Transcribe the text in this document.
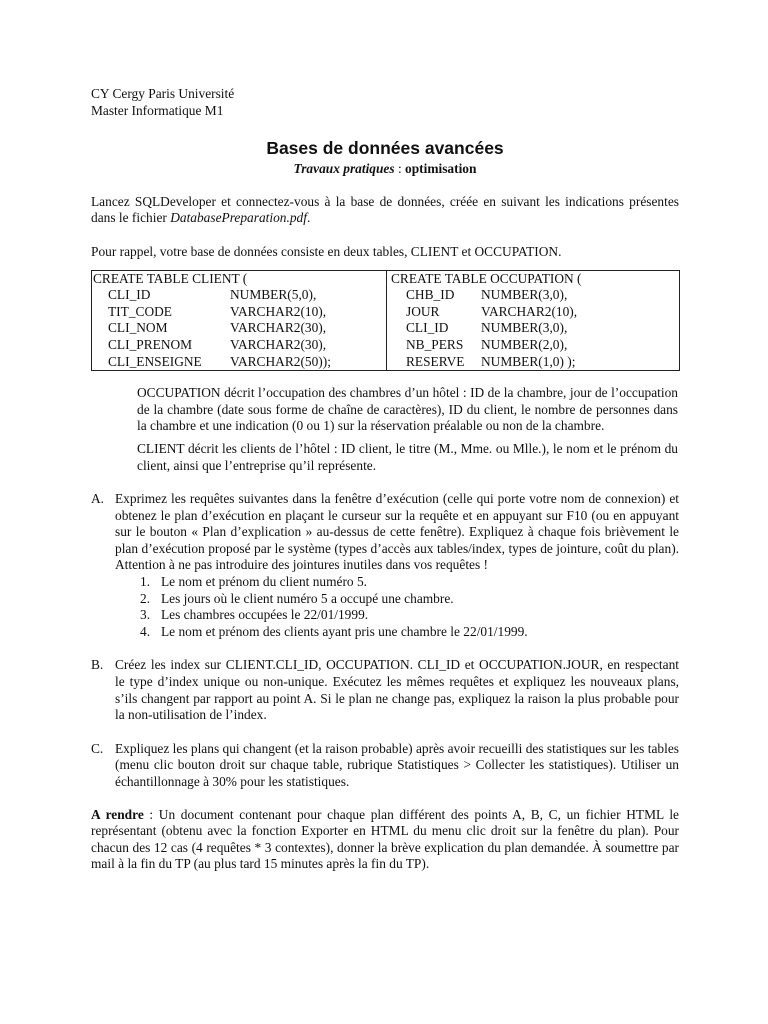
CY Cergy Paris Université
Master Informatique M1
Bases de données avancées
Travaux pratiques : optimisation
Lancez SQLDeveloper et connectez-vous à la base de données, créée en suivant les indications présentes dans le fichier DatabasePreparation.pdf.
Pour rappel, votre base de données consiste en deux tables, CLIENT et OCCUPATION.
CREATE TABLE CLIENT (
CLI_ID	NUMBER(5,0),
TIT_CODE	VARCHAR2(10),
CLI_NOM	VARCHAR2(30),
CLI_PRENOM	VARCHAR2(30),
CLI_ENSEIGNE	VARCHAR2(50));

CREATE TABLE OCCUPATION (
CHB_ID	NUMBER(3,0),
JOUR	VARCHAR2(10),
CLI_ID	NUMBER(3,0),
NB_PERS	NUMBER(2,0),
RESERVE	NUMBER(1,0) );
OCCUPATION décrit l’occupation des chambres d’un hôtel : ID de la chambre, jour de l’occupation de la chambre (date sous forme de chaîne de caractères), ID du client, le nombre de personnes dans la chambre et une indication (0 ou 1) sur la réservation préalable ou non de la chambre.
CLIENT décrit les clients de l’hôtel : ID client, le titre (M., Mme. ou Mlle.), le nom et le prénom du client, ainsi que l’entreprise qu’il représente.
A. Exprimez les requêtes suivantes dans la fenêtre d’exécution (celle qui porte votre nom de connexion) et obtenez le plan d’exécution en plaçant le curseur sur la requête et en appuyant sur F10 (ou en appuyant sur le bouton « Plan d’explication » au-dessus de cette fenêtre). Expliquez à chaque fois brièvement le plan d’exécution proposé par le système (types d’accès aux tables/index, types de jointure, coût du plan). Attention à ne pas introduire des jointures inutiles dans vos requêtes !
1. Le nom et prénom du client numéro 5.
2. Les jours où le client numéro 5 a occupé une chambre.
3. Les chambres occupées le 22/01/1999.
4. Le nom et prénom des clients ayant pris une chambre le 22/01/1999.
B. Créez les index sur CLIENT.CLI_ID, OCCUPATION. CLI_ID et OCCUPATION.JOUR, en respectant le type d’index unique ou non-unique. Exécutez les mêmes requêtes et expliquez les nouveaux plans, s’ils changent par rapport au point A. Si le plan ne change pas, expliquez la raison la plus probable pour la non-utilisation de l’index.
C. Expliquez les plans qui changent (et la raison probable) après avoir recueilli des statistiques sur les tables (menu clic bouton droit sur chaque table, rubrique Statistiques > Collecter les statistiques). Utiliser un échantillonnage à 30% pour les statistiques.
A rendre : Un document contenant pour chaque plan différent des points A, B, C, un fichier HTML le représentant (obtenu avec la fonction Exporter en HTML du menu clic droit sur la fenêtre du plan). Pour chacun des 12 cas (4 requêtes * 3 contextes), donner la brève explication du plan demandée. À soumettre par mail à la fin du TP (au plus tard 15 minutes après la fin du TP).
